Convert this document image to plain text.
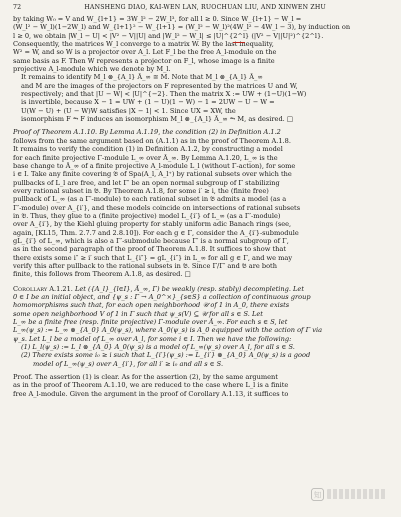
72	HANSHENG DIAO, KAI-WEN LAN, RUOCHUAN LIU, AND XINWEN ZHU
by taking W₀ = V and W_{l+1} = 3W_l² − 2W_l³, for all l ≥ 0. Since W_{l+1} − W_l =
(W_l² − W_l)(1−2W_l) and W_{l+1}² − W_{l+1} = (W_l² − W_l)²(4W_l² − 4W_l − 3), by induction on
l ≥ 0, we obtain |W_l − U| < |V² − V||U| and |W_l² − W_l| ≤ |U|^{2^l} (|V² − V||U|²)^{2^l}.
Consequently, the matrices W_l converge to a matrix W. By the last inequality,
W² = W, and so W is a projector over A_l. Let F_l be the free A_l-module on the
same basis as F. Then W represents a projector on F_l, whose image is a finite
projective A_l-module which we denote by M_l.
It remains to identify M_l ⊗_{A_l} Ã_∞ ≅ M. Note that M_l ⊗_{A_l} Ã_∞
and M are the images of the projectors on F represented by the matrices U and W,
respectively; and that |U − W| < |U|^{−2}. Then the matrix X := UW + (1−U)(1−W)
is invertible, because X − 1 = UW + (1 − U)(1 − W) − 1 = 2UW − U − W =
U(W − U) + (U − W)W satisfies |X − 1| < 1. Since UX = XW, the
isomorphism F ⥲ F induces an isomorphism M_l ⊗_{A_l} Ã_∞ ⥲ M, as desired. □
Proof of Theorem A.1.10. By Lemma A.1.19, the condition (2) in Definition A.1.2
follows from the same argument based on (A.1.1) as in the proof of Theorem A.1.8.
It remains to verify the condition (1) in Definition A.1.2, by constructing a model
for each finite projective Γ-module L_∞ over Ã_∞. By Lemma A.1.20, L_∞ is the
base change to Ã_∞ of a finite projective A_l-module L_l (without Γ-action), for some
i ∈ I. Take any finite covering 𝔅 of Spa(A_l, A_l⁺) by rational subsets over which the
pullbacks of L_l are free, and let Γ′ be an open normal subgroup of Γ stabilizing
every rational subset in 𝔅. By Theorem A.1.8, for some i′ ≥ i, the (finite free)
pullback of L_∞ (as a Γ′-module) to each rational subset in 𝔅 admits a model (as a
Γ′-module) over A_{i′}, and these models coincide on intersections of rational subsets
in 𝔅. Thus, they glue to a (finite projective) model L_{i′} of L_∞ (as a Γ′-module)
over A_{i′}, by the Kiehl gluing property for stably uniform adic Banach rings (see,
again, [KL15, Thm. 2.7.7 and 2.8.10]). For each g ∈ Γ, consider the A_{i′}-submodule
gL_{i′} of L_∞, which is also a Γ′-submodule because Γ′ is a normal subgroup of Γ,
as in the second paragraph of the proof of Theorem A.1.8. It suffices to show that
there exists some i″ ≥ i′ such that L_{i″} = gL_{i″} in L_∞ for all g ∈ Γ, and we may
verify this after pullback to the rational subsets in 𝔅. Since Γ/Γ′ and 𝔅 are both
finite, this follows from Theorem A.1.8, as desired. □
Corollary A.1.21. Let ({A_l}_{l∈I}, Ã_∞, Γ) be weakly (resp. stably) decompleting. Let
0 ∈ I be an initial object, and {ψ_s : Γ → A_0^×}_{s∈S} a collection of continuous group
homomorphisms such that, for each open neighborhood 𝒰 of 1 in A_0, there exists
some open neighborhood V of 1 in Γ such that ψ_s(V) ⊆ 𝒰 for all s ∈ S. Let
L_∞ be a finite free (resp. finite projective) Γ-module over Ã_∞. For each s ∈ S, let
L_∞(ψ_s) := L_∞ ⊗_{A_0} A_0(ψ_s), where A_0(ψ_s) is A_0 equipped with the action of Γ via
ψ_s. Let L_l be a model of L_∞ over A_l, for some i ∈ I. Then we have the following:
(1) L_l(ψ_s) := L_l ⊗_{A_0} A_0(ψ_s) is a model of L_∞(ψ_s) over A_l, for all s ∈ S.
(2) There exists some i₀ ≥ i such that L_{i′}(ψ_s) := L_{i′} ⊗_{A_0} A_0(ψ_s) is a good
model of L_∞(ψ_s) over A_{i′}, for all i′ ≥ i₀ and all s ∈ S.
Proof. The assertion (1) is clear. As for the assertion (2), by the same argument
as in the proof of Theorem A.1.10, we are reduced to the case where L_l is a finite
free A_l-module. Given the argument in the proof of Corollary A.1.13, it suffices to
知
